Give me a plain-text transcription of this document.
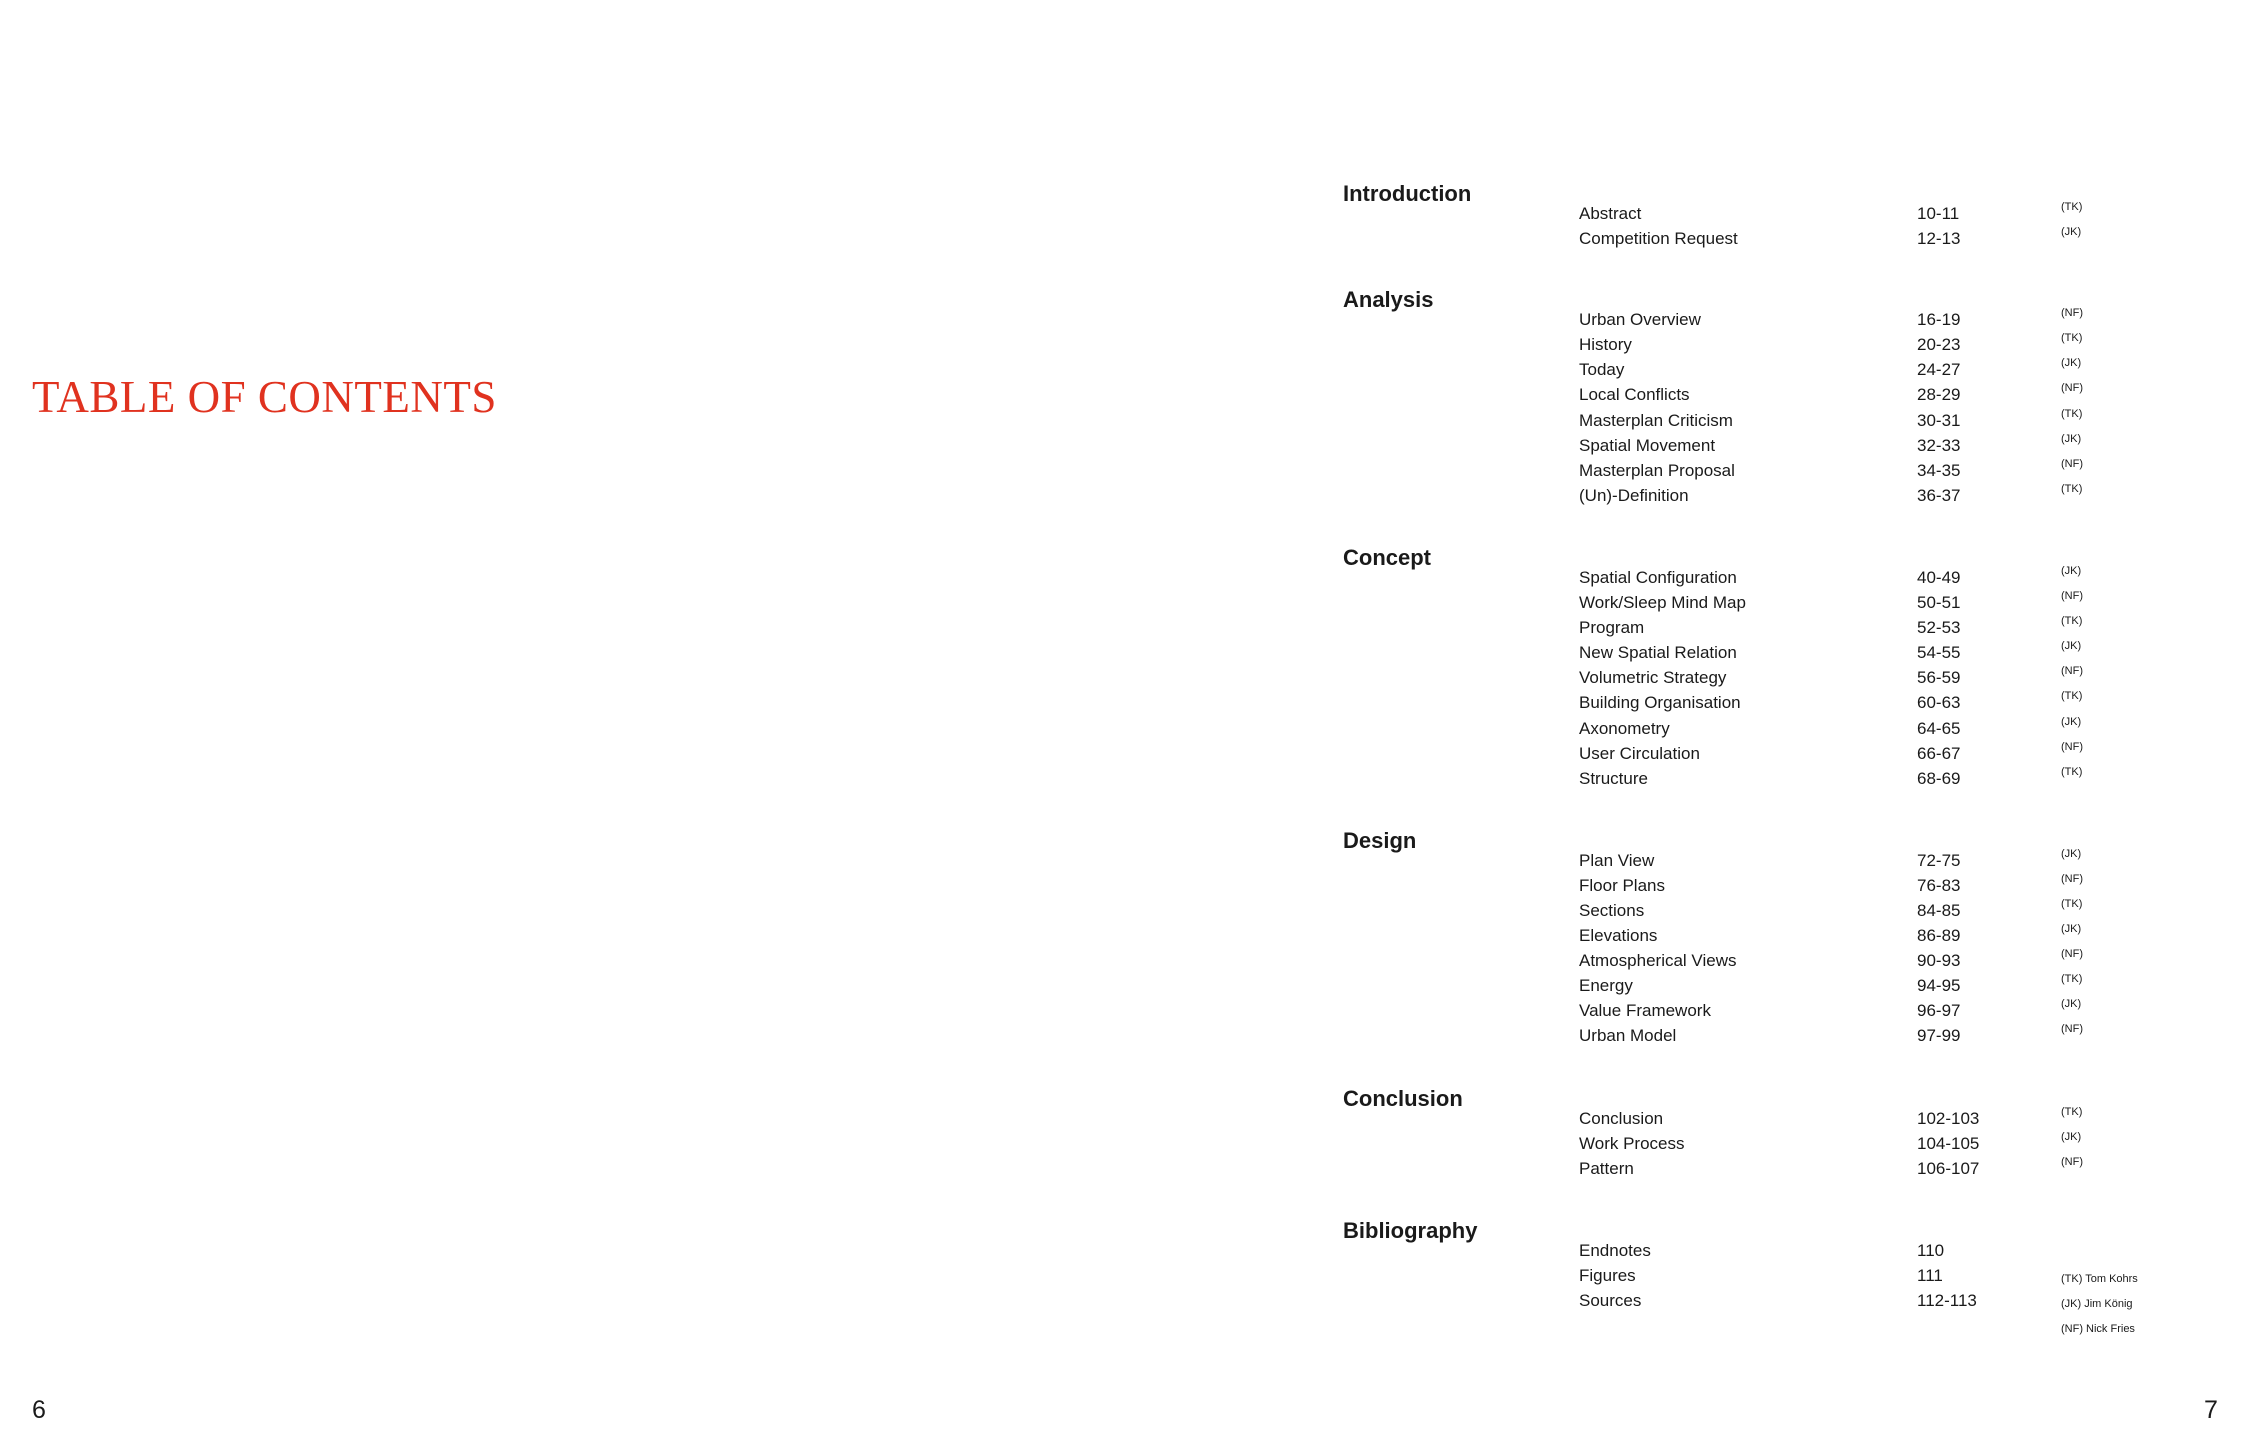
TABLE OF CONTENTS
Introduction
Abstract	10-11	(TK)
Competition Request	12-13	(JK)
Analysis
Urban Overview	16-19	(NF)
History	20-23	(TK)
Today	24-27	(JK)
Local Conflicts	28-29	(NF)
Masterplan Criticism	30-31	(TK)
Spatial Movement	32-33	(JK)
Masterplan Proposal	34-35	(NF)
(Un)-Definition	36-37	(TK)
Concept
Spatial Configuration	40-49	(JK)
Work/Sleep Mind Map	50-51	(NF)
Program	52-53	(TK)
New Spatial Relation	54-55	(JK)
Volumetric Strategy	56-59	(NF)
Building Organisation	60-63	(TK)
Axonometry	64-65	(JK)
User Circulation	66-67	(NF)
Structure	68-69	(TK)
Design
Plan View	72-75	(JK)
Floor Plans	76-83	(NF)
Sections	84-85	(TK)
Elevations	86-89	(JK)
Atmospherical Views	90-93	(NF)
Energy	94-95	(TK)
Value Framework	96-97	(JK)
Urban Model	97-99	(NF)
Conclusion
Conclusion	102-103	(TK)
Work Process	104-105	(JK)
Pattern	106-107	(NF)
Bibliography
Endnotes	110
Figures	111
Sources	112-113
(TK) Tom Kohrs
(JK) Jim König
(NF) Nick Fries
6	7
